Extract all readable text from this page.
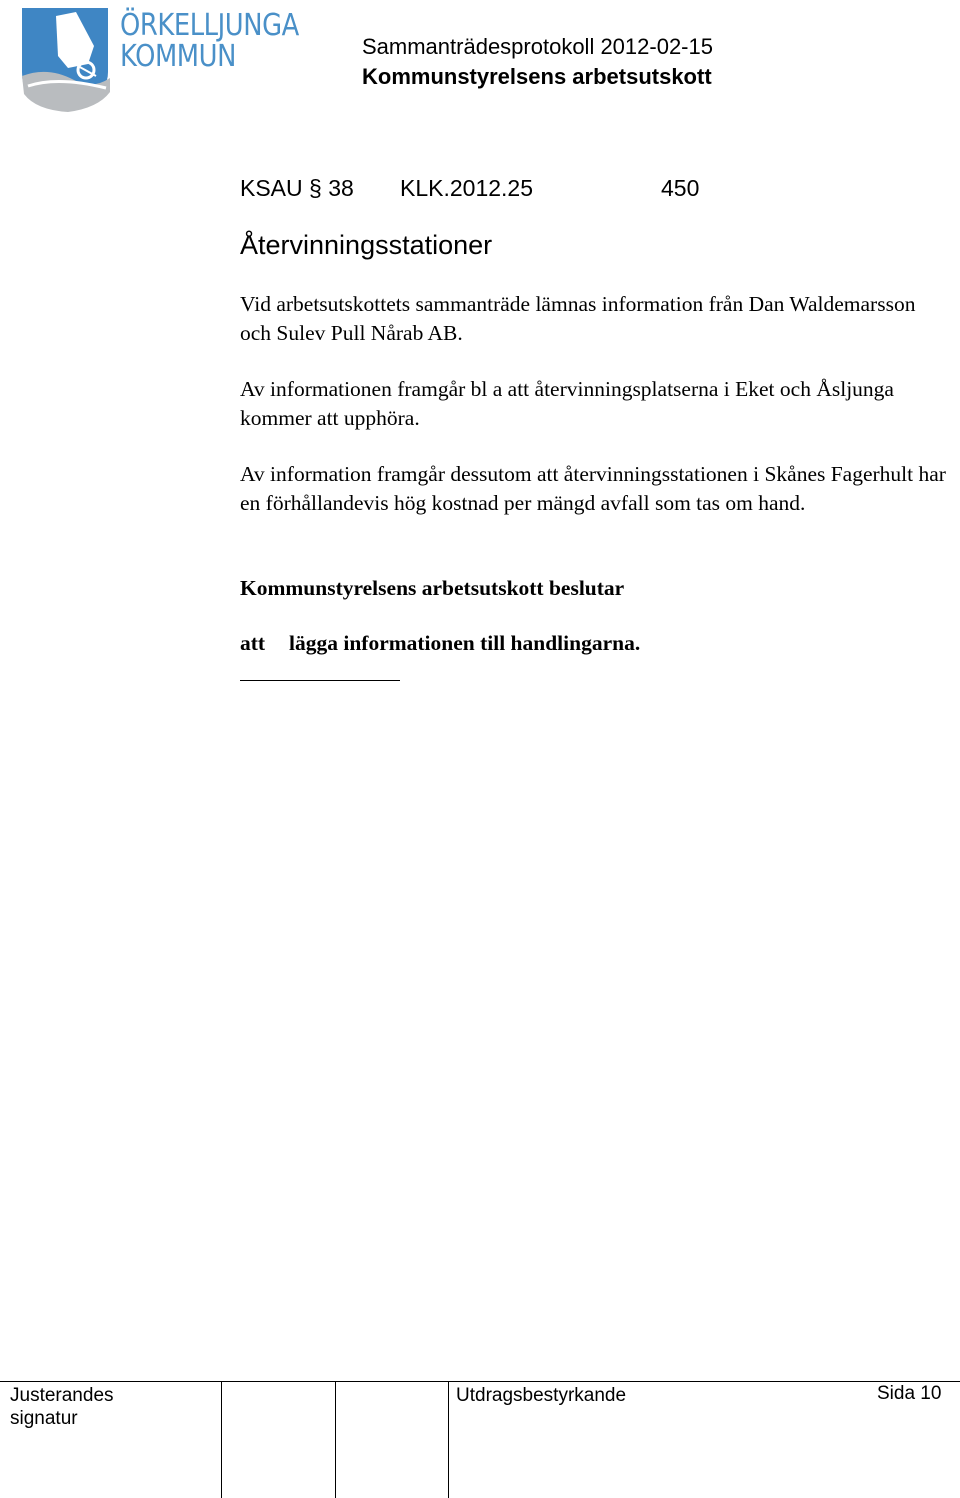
ÖRKELLJUNGA
KOMMUN	Sammanträdesprotokoll 2012-02-15
Kommunstyrelsens arbetsutskott
KSAU § 38 KLK.2012.25	450
Återvinningsstationer
Vid arbetsutskottets sammanträde lämnas information från Dan Waldemarsson och Sulev Pull Nårab AB.
Av informationen framgår bl a att återvinningsplatserna i Eket och Åsljunga kommer att upphöra.
Av information framgår dessutom att återvinningsstationen i Skånes Fagerhult har en förhållandevis hög kostnad per mängd avfall som tas om hand.
Kommunstyrelsens arbetsutskott beslutar
att lägga informationen till handlingarna.
Justerandes
signatur
Utdragsbestyrkande	Sida 10
